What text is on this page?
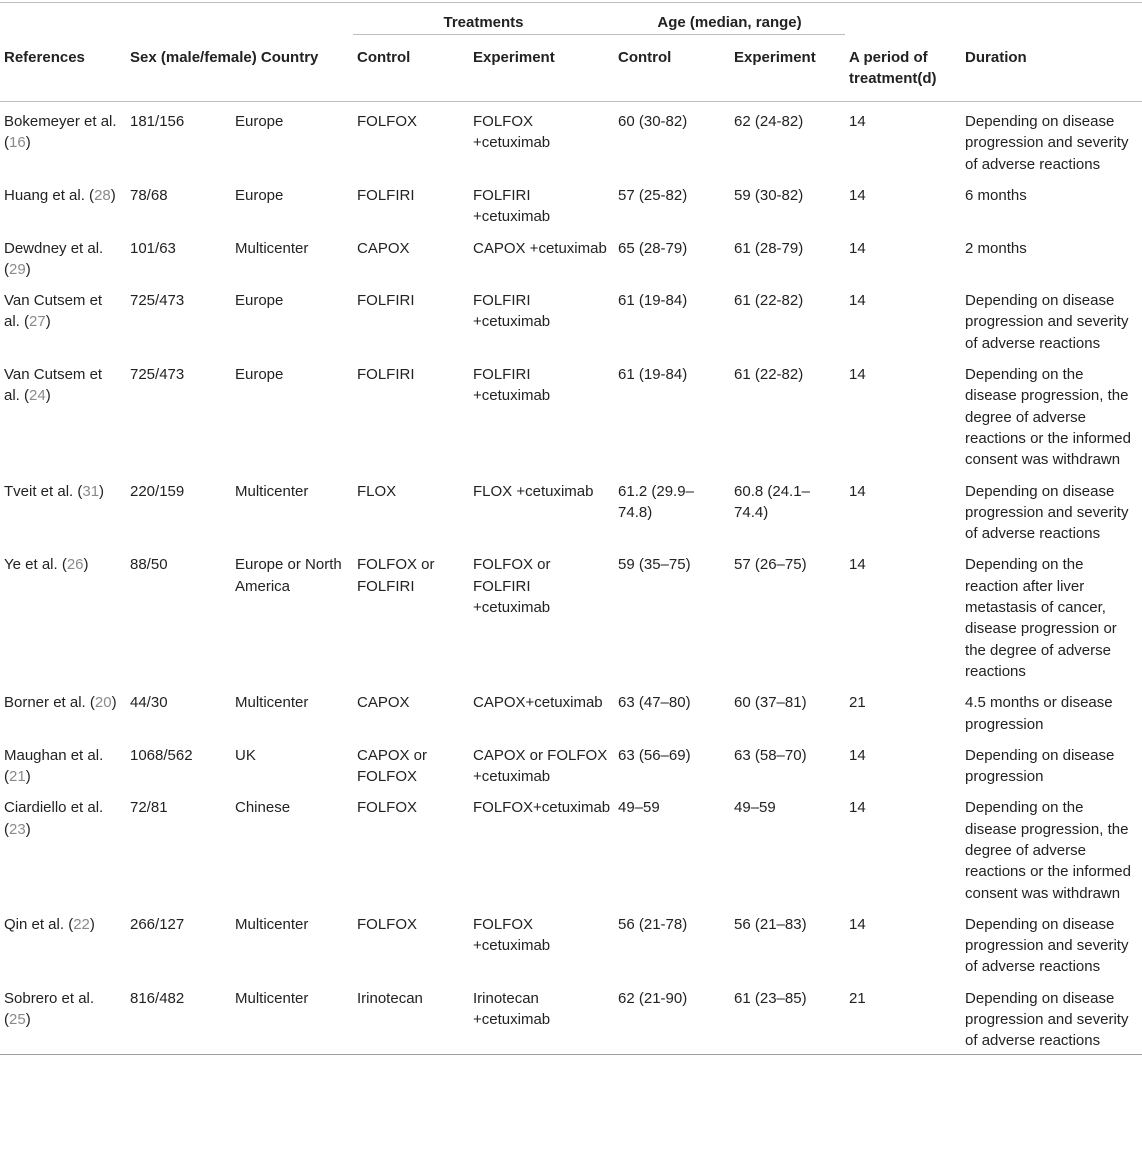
			Treatments		Age (median, range)			
References	Sex (male/female) Country		Control	Experiment	Control	Experiment	A period of treatment(d)	Duration
Bokemeyer et al. (16)	181/156	Europe	FOLFOX	FOLFOX +cetuximab	60 (30-82)	62 (24-82)	14	Depending on disease progression and severity of adverse reactions
Huang et al. (28)	78/68	Europe	FOLFIRI	FOLFIRI +cetuximab	57 (25-82)	59 (30-82)	14	6 months
Dewdney et al. (29)	101/63	Multicenter	CAPOX	CAPOX +cetuximab	65 (28-79)	61 (28-79)	14	2 months
Van Cutsem et al. (27)	725/473	Europe	FOLFIRI	FOLFIRI +cetuximab	61 (19-84)	61 (22-82)	14	Depending on disease progression and severity of adverse reactions
Van Cutsem et al. (24)	725/473	Europe	FOLFIRI	FOLFIRI +cetuximab	61 (19-84)	61 (22-82)	14	Depending on the disease progression, the degree of adverse reactions or the informed consent was withdrawn
Tveit et al. (31)	220/159	Multicenter	FLOX	FLOX +cetuximab	61.2 (29.9–74.8)	60.8 (24.1–74.4)	14	Depending on disease progression and severity of adverse reactions
Ye et al. (26)	88/50	Europe or North America	FOLFOX or FOLFIRI	FOLFOX or FOLFIRI +cetuximab	59 (35–75)	57 (26–75)	14	Depending on the reaction after liver metastasis of cancer, disease progression or the degree of adverse reactions
Borner et al. (20)	44/30	Multicenter	CAPOX	CAPOX+cetuximab	63 (47–80)	60 (37–81)	21	4.5 months or disease progression
Maughan et al. (21)	1068/562	UK	CAPOX or FOLFOX	CAPOX or FOLFOX +cetuximab	63 (56–69)	63 (58–70)	14	Depending on disease progression
Ciardiello et al. (23)	72/81	Chinese	FOLFOX	FOLFOX+cetuximab	49–59	49–59	14	Depending on the disease progression, the degree of adverse reactions or the informed consent was withdrawn
Qin et al. (22)	266/127	Multicenter	FOLFOX	FOLFOX +cetuximab	56 (21-78)	56 (21–83)	14	Depending on disease progression and severity of adverse reactions
Sobrero et al. (25)	816/482	Multicenter	Irinotecan	Irinotecan +cetuximab	62 (21-90)	61 (23–85)	21	Depending on disease progression and severity of adverse reactions
